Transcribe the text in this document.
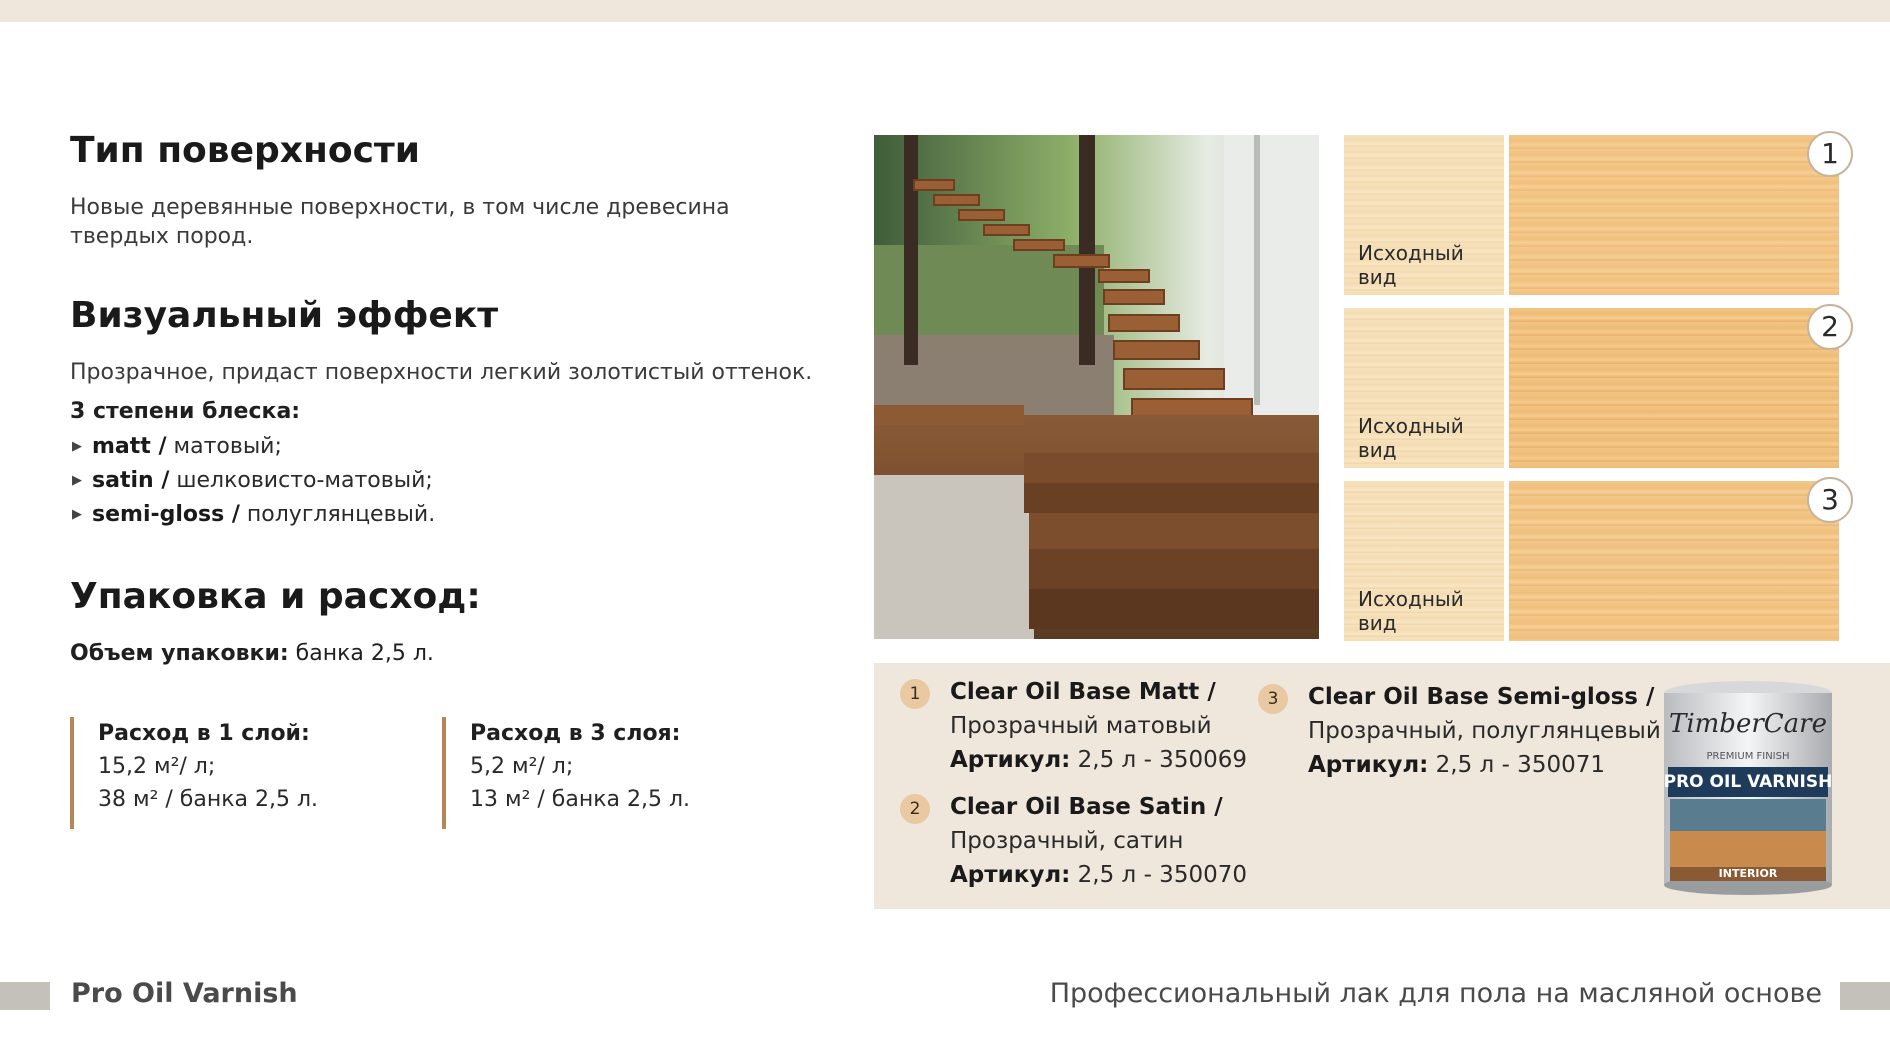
Тип поверхности

Новые деревянные поверхности, в том числе древесина твердых пород.

Визуальный эффект

Прозрачное, придаст поверхности легкий золотистый оттенок.

3 степени блеска:

▶ matt / матовый;
▶ satin / шелковисто-матовый;
▶ semi-gloss / полуглянцевый.
Упаковка и расход:

Объем упаковки: банка 2,5 л.

Расход в 1 слой:
15,2 м²/ л;
38 м² / банка 2,5 л.
Расход в 3 слоя:
5,2 м²/ л;
13 м² / банка 2,5 л.
Исходный вид
1
Исходный вид
2
Исходный вид
3
1	Clear Oil Base Matt /
Прозрачный матовый
Артикул: 2,5 л - 350069
2	Clear Oil Base Satin /
Прозрачный, сатин
Артикул: 2,5 л - 350070
3	Clear Oil Base Semi-gloss /
Прозрачный, полуглянцевый
Артикул: 2,5 л - 350071
TimberCare
PREMIUM FINISH
PRO OIL VARNISH
INTERIOR
Pro Oil Varnish	Профессиональный лак для пола на масляной основе
